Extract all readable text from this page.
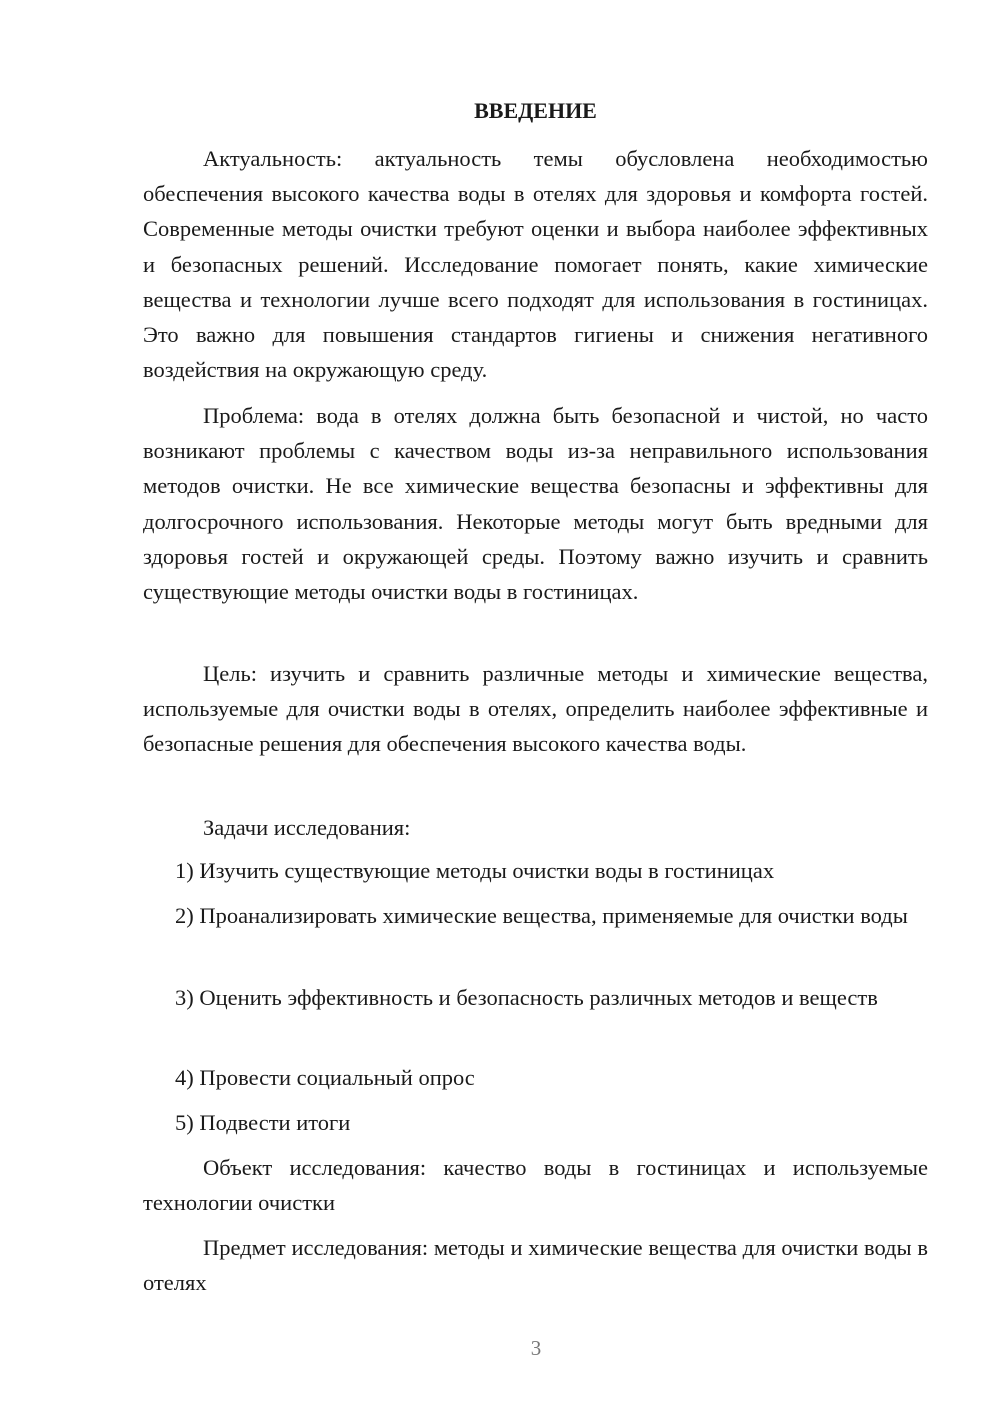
ВВЕДЕНИЕ

Актуальность: актуальность темы обусловлена необходимостью обеспечения высокого качества воды в отелях для здоровья и комфорта гостей. Современные методы очистки требуют оценки и выбора наиболее эффективных и безопасных решений. Исследование помогает понять, какие химические вещества и технологии лучше всего подходят для использования в гостиницах. Это важно для повышения стандартов гигиены и снижения негативного воздействия на окружающую среду.

Проблема: вода в отелях должна быть безопасной и чистой, но часто возникают проблемы с качеством воды из-за неправильного использования методов очистки. Не все химические вещества безопасны и эффективны для долгосрочного использования. Некоторые методы могут быть вредными для здоровья гостей и окружающей среды. Поэтому важно изучить и сравнить существующие методы очистки воды в гостиницах.

Цель: изучить и сравнить различные методы и химические вещества, используемые для очистки воды в отелях, определить наиболее эффективные и безопасные решения для обеспечения высокого качества воды.

Задачи исследования:

1) Изучить существующие методы очистки воды в гостиницах

2) Проанализировать химические вещества, применяемые для очистки воды

3) Оценить эффективность и безопасность различных методов и веществ

4) Провести социальный опрос

5) Подвести итоги

Объект исследования: качество воды в гостиницах и используемые технологии очистки

Предмет исследования: методы и химические вещества для очистки воды в отелях

3
